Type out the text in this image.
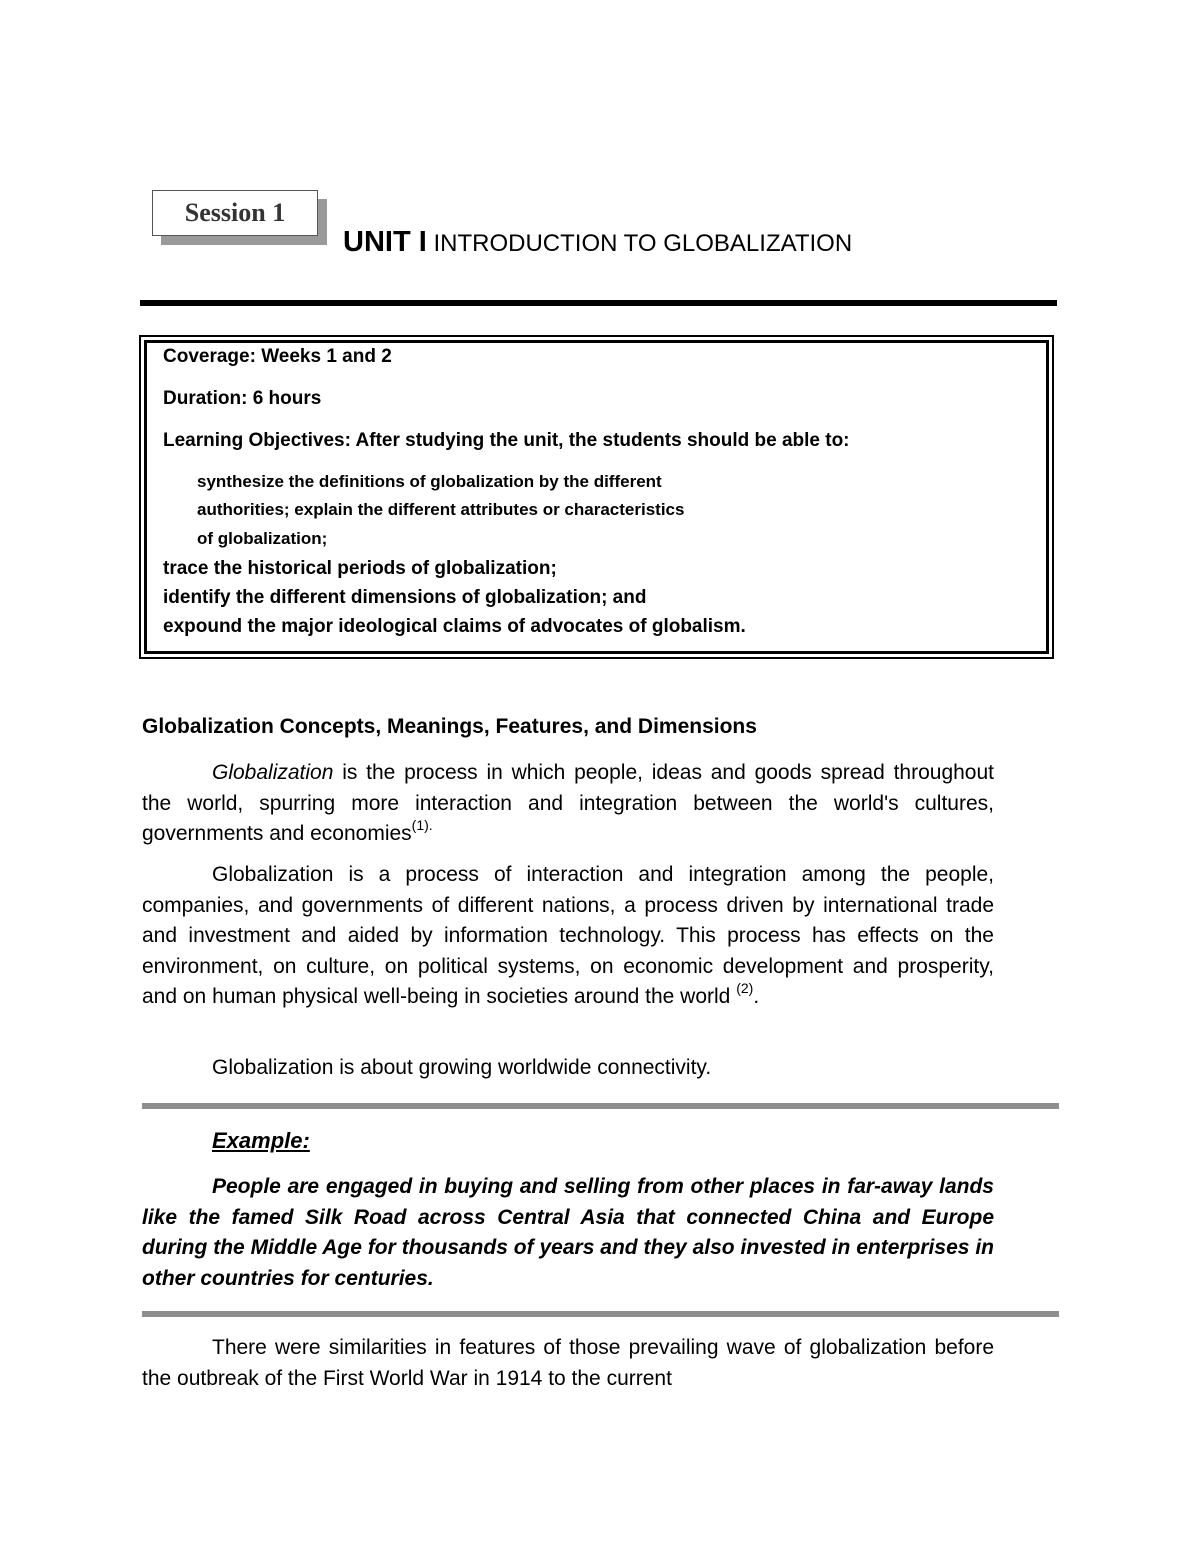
Session 1
UNIT I INTRODUCTION TO GLOBALIZATION
Coverage: Weeks 1 and 2
Duration: 6 hours
Learning Objectives: After studying the unit, the students should be able to:
synthesize the definitions of globalization by the different
authorities; explain the different attributes or characteristics
of globalization;
trace the historical periods of globalization;
identify the different dimensions of globalization; and
expound the major ideological claims of advocates of globalism.
Globalization Concepts, Meanings, Features, and Dimensions
Globalization is the process in which people, ideas and goods spread throughout the world, spurring more interaction and integration between the world's cultures, governments and economies$^{(1).}$
Globalization is a process of interaction and integration among the people, companies, and governments of different nations, a process driven by international trade and investment and aided by information technology. This process has effects on the environment, on culture, on political systems, on economic development and prosperity, and on human physical well-being in societies around the world $^{(2)}$.
Globalization is about growing worldwide connectivity.
Example:
People are engaged in buying and selling from other places in far-away lands like the famed Silk Road across Central Asia that connected China and Europe during the Middle Age for thousands of years and they also invested in enterprises in other countries for centuries.
There were similarities in features of those prevailing wave of globalization before the outbreak of the First World War in 1914 to the current
